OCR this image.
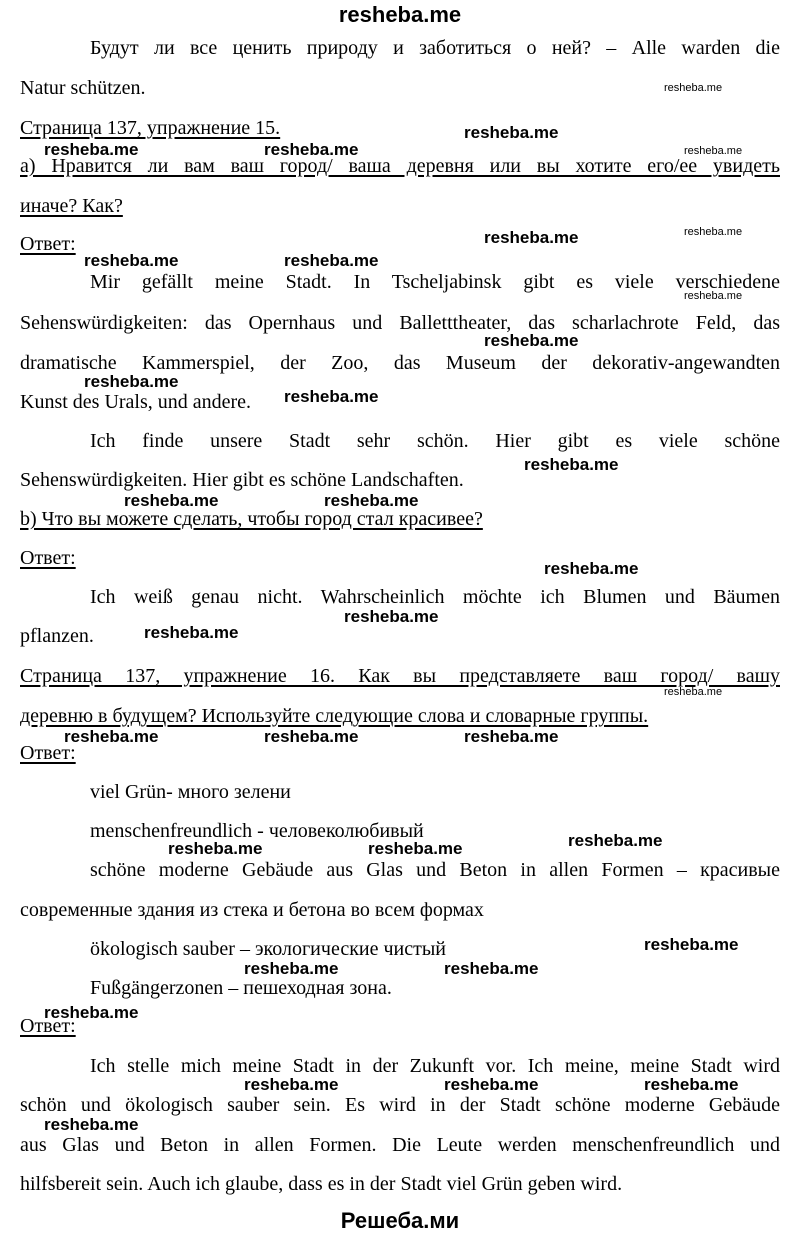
resheba.me
Будут ли все ценить природу и заботиться о ней? – Alle warden die
Natur schützen.
Страница 137, упражнение 15.
а) Нравится ли вам ваш город/ ваша деревня или вы хотите его/ее увидеть
иначе? Как?
Ответ:
Mir gefällt meine Stadt. In Tscheljabinsk gibt es viele verschiedene
Sehenswürdigkeiten: das Opernhaus und Balletttheater, das scharlachrote Feld, das
dramatische Kammerspiel, der Zoo, das Museum der dekorativ-angewandten
Kunst des Urals, und andere.
Ich finde unsere Stadt sehr schön. Hier gibt es viele schöne
Sehenswürdigkeiten. Hier gibt es schöne Landschaften.
b) Что вы можете сделать, чтобы город стал красивее?
Ответ:
Ich weiß genau nicht. Wahrscheinlich möchte ich Blumen und Bäumen
pflanzen.
Страница 137, упражнение 16. Как вы представляете ваш город/ вашу
деревню в будущем? Используйте следующие слова и словарные группы.
Ответ:
viel Grün- много зелени
menschenfreundlich - человеколюбивый
schöne moderne Gebäude aus Glas und Beton in allen Formen – красивые
современные здания из стека и бетона во всем формах
ökologisch sauber – экологические чистый
Fußgängerzonen – пешеходная зона.
Ответ:
Ich stelle mich meine Stadt in der Zukunft vor. Ich meine, meine Stadt wird
schön und ökologisch sauber sein. Es wird in der Stadt schöne moderne Gebäude
aus Glas und Beton in allen Formen. Die Leute werden menschenfreundlich und
hilfsbereit sein. Auch ich glaube, dass es in der Stadt viel Grün geben wird.
Решеба.ми
resheba.me
resheba.me	resheba.me
resheba.me
resheba.me	resheba.me
resheba.me
resheba.me
resheba.me
resheba.me
resheba.me	resheba.me
resheba.me
resheba.me
resheba.me
resheba.me	resheba.me	resheba.me
resheba.me
resheba.me	resheba.me
resheba.me
resheba.me	resheba.me
resheba.me
resheba.me	resheba.me	resheba.me
resheba.me
resheba.me
resheba.me
resheba.me
resheba.me
resheba.me
